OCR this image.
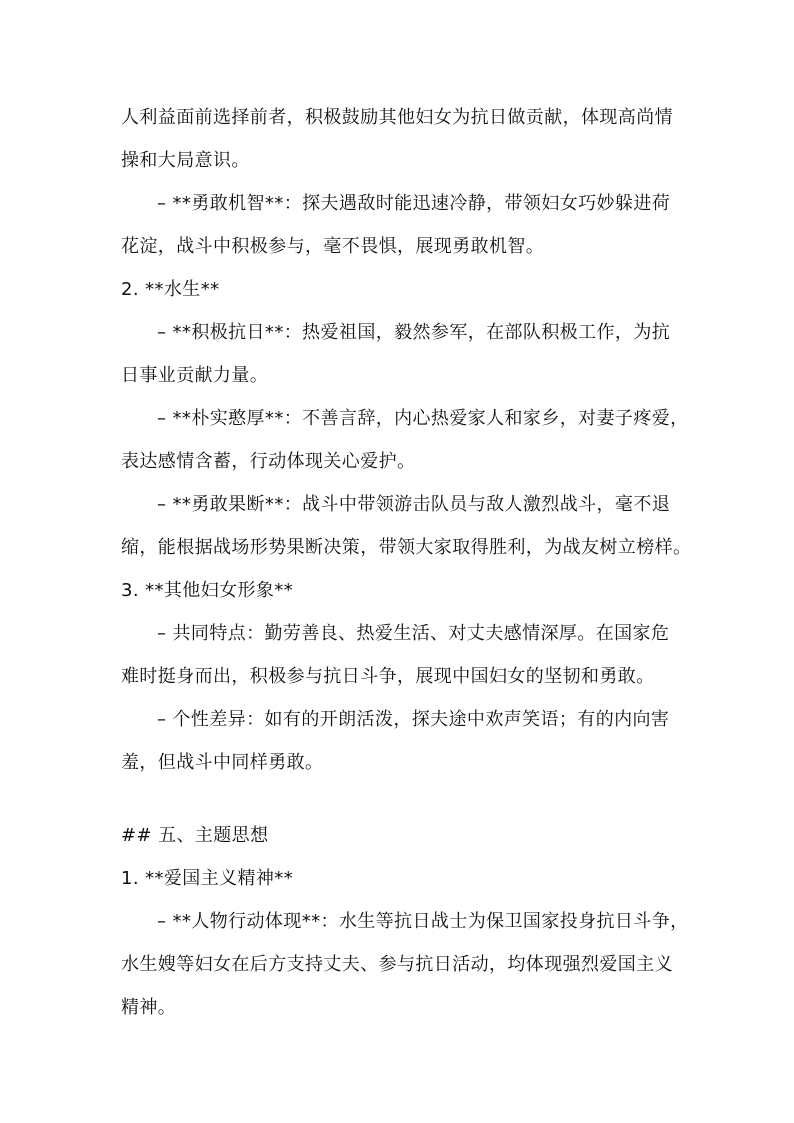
人利益面前选择前者，积极鼓励其他妇女为抗日做贡献，体现高尚情
操和大局意识。
– **勇敢机智**：探夫遇敌时能迅速冷静，带领妇女巧妙躲进荷
花淀，战斗中积极参与，毫不畏惧，展现勇敢机智。
2. **水生**
– **积极抗日**：热爱祖国，毅然参军，在部队积极工作，为抗
日事业贡献力量。
– **朴实憨厚**：不善言辞，内心热爱家人和家乡，对妻子疼爱，
表达感情含蓄，行动体现关心爱护。
– **勇敢果断**：战斗中带领游击队员与敌人激烈战斗，毫不退
缩，能根据战场形势果断决策，带领大家取得胜利，为战友树立榜样。
3. **其他妇女形象**
– 共同特点：勤劳善良、热爱生活、对丈夫感情深厚。在国家危
难时挺身而出，积极参与抗日斗争，展现中国妇女的坚韧和勇敢。
– 个性差异：如有的开朗活泼，探夫途中欢声笑语；有的内向害
羞，但战斗中同样勇敢。
## 五、主题思想
1. **爱国主义精神**
– **人物行动体现**：水生等抗日战士为保卫国家投身抗日斗争，
水生嫂等妇女在后方支持丈夫、参与抗日活动，均体现强烈爱国主义
精神。
